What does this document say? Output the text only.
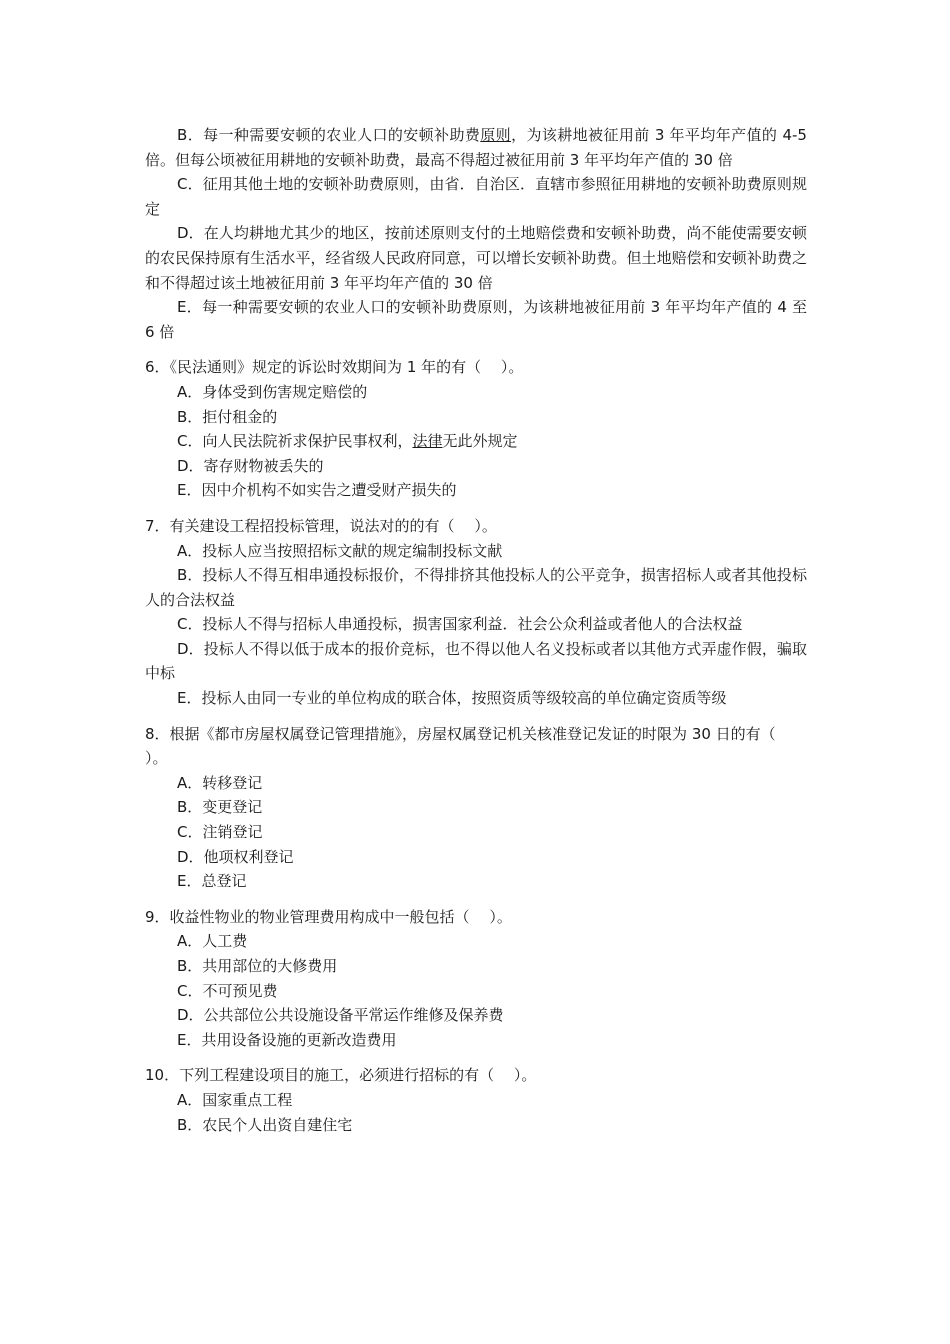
B．每一种需要安顿的农业人口的安顿补助费原则，为该耕地被征用前 3 年平均年产值的 4-5 倍。但每公顷被征用耕地的安顿补助费，最高不得超过被征用前 3 年平均年产值的 30 倍

C．征用其他土地的安顿补助费原则，由省．自治区．直辖市参照征用耕地的安顿补助费原则规定

D．在人均耕地尤其少的地区，按前述原则支付的土地赔偿费和安顿补助费，尚不能使需要安顿的农民保持原有生活水平，经省级人民政府同意，可以增长安顿补助费。但土地赔偿和安顿补助费之和不得超过该土地被征用前 3 年平均年产值的 30 倍

E．每一种需要安顿的农业人口的安顿补助费原则，为该耕地被征用前 3 年平均年产值的 4 至 6 倍

6．《民法通则》规定的诉讼时效期间为 1 年的有（　 ）。

A．身体受到伤害规定赔偿的

B．拒付租金的

C．向人民法院祈求保护民事权利，法律无此外规定

D．寄存财物被丢失的

E．因中介机构不如实告之遭受财产损失的

7．有关建设工程招投标管理，说法对的的有（　 ）。

A．投标人应当按照招标文献的规定编制投标文献

B．投标人不得互相串通投标报价，不得排挤其他投标人的公平竞争，损害招标人或者其他投标人的合法权益

C．投标人不得与招标人串通投标，损害国家利益．社会公众利益或者他人的合法权益

D．投标人不得以低于成本的报价竞标，也不得以他人名义投标或者以其他方式弄虚作假，骗取中标

E．投标人由同一专业的单位构成的联合体，按照资质等级较高的单位确定资质等级

8．根据《都市房屋权属登记管理措施》，房屋权属登记机关核准登记发证的时限为 30 日的有（　 ）。

A．转移登记

B．变更登记

C．注销登记

D．他项权利登记

E．总登记

9．收益性物业的物业管理费用构成中一般包括（　 ）。

A．人工费

B．共用部位的大修费用

C．不可预见费

D．公共部位公共设施设备平常运作维修及保养费

E．共用设备设施的更新改造费用

10．下列工程建设项目的施工，必须进行招标的有（　 ）。

A．国家重点工程

B．农民个人出资自建住宅
